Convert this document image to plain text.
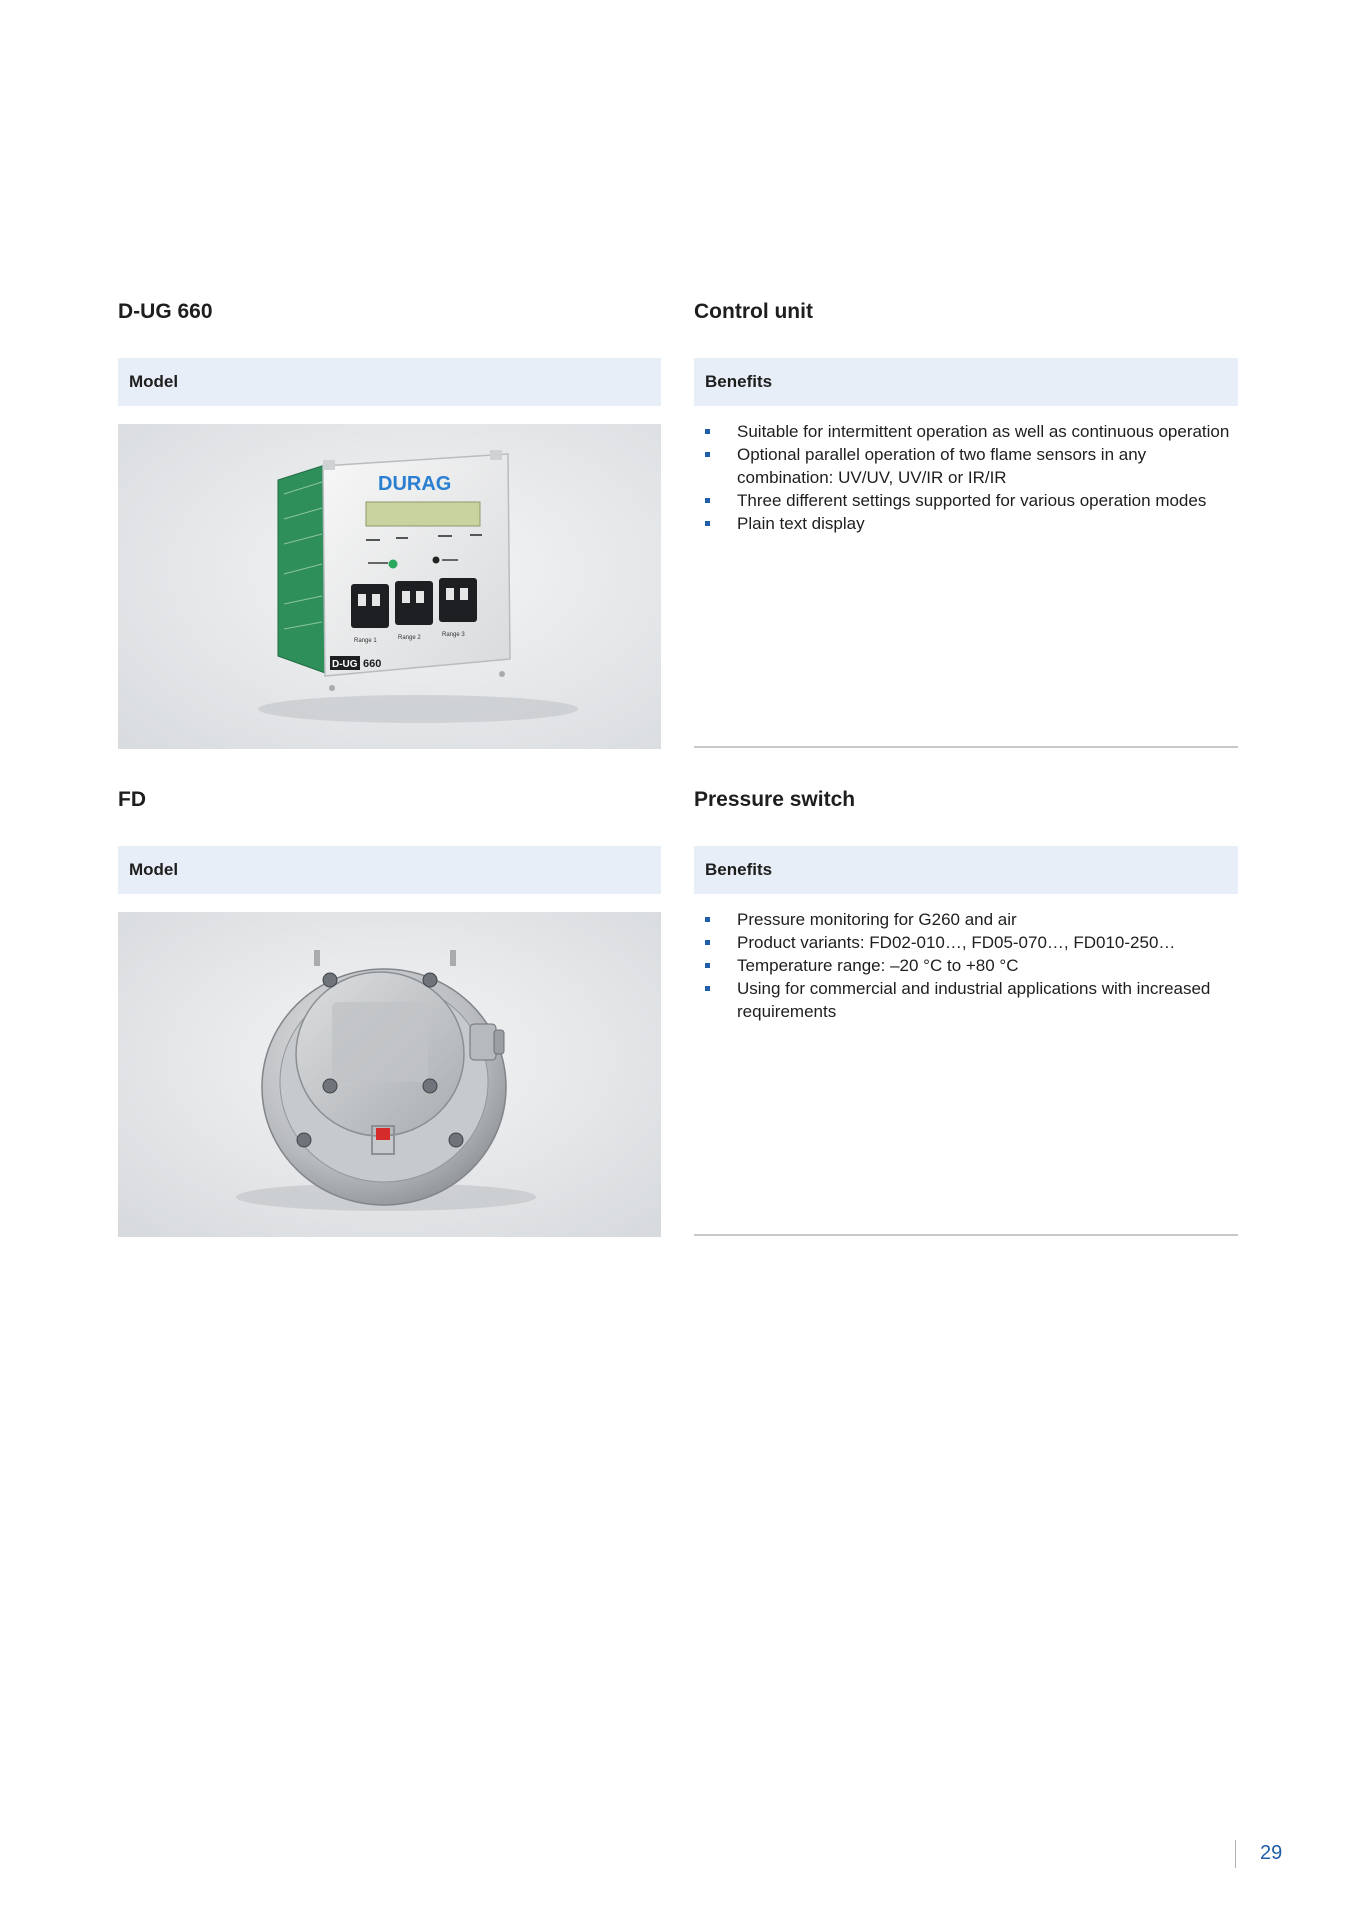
D-UG 660	Control unit
Model	Benefits
DURAG
Range 1	Range 2	Range 3
D-UG 660
Suitable for intermittent operation as well as continuous operation
Optional parallel operation of two flame sensors in any combination: UV/UV, UV/IR or IR/IR
Three different settings supported for various operation modes
Plain text display
FD	Pressure switch
Model	Benefits
Pressure monitoring for G260 and air
Product variants: FD02-010…, FD05-070…, FD010-250…
Temperature range: –20 °C to +80 °C
Using for commercial and industrial applications with increased requirements
29
